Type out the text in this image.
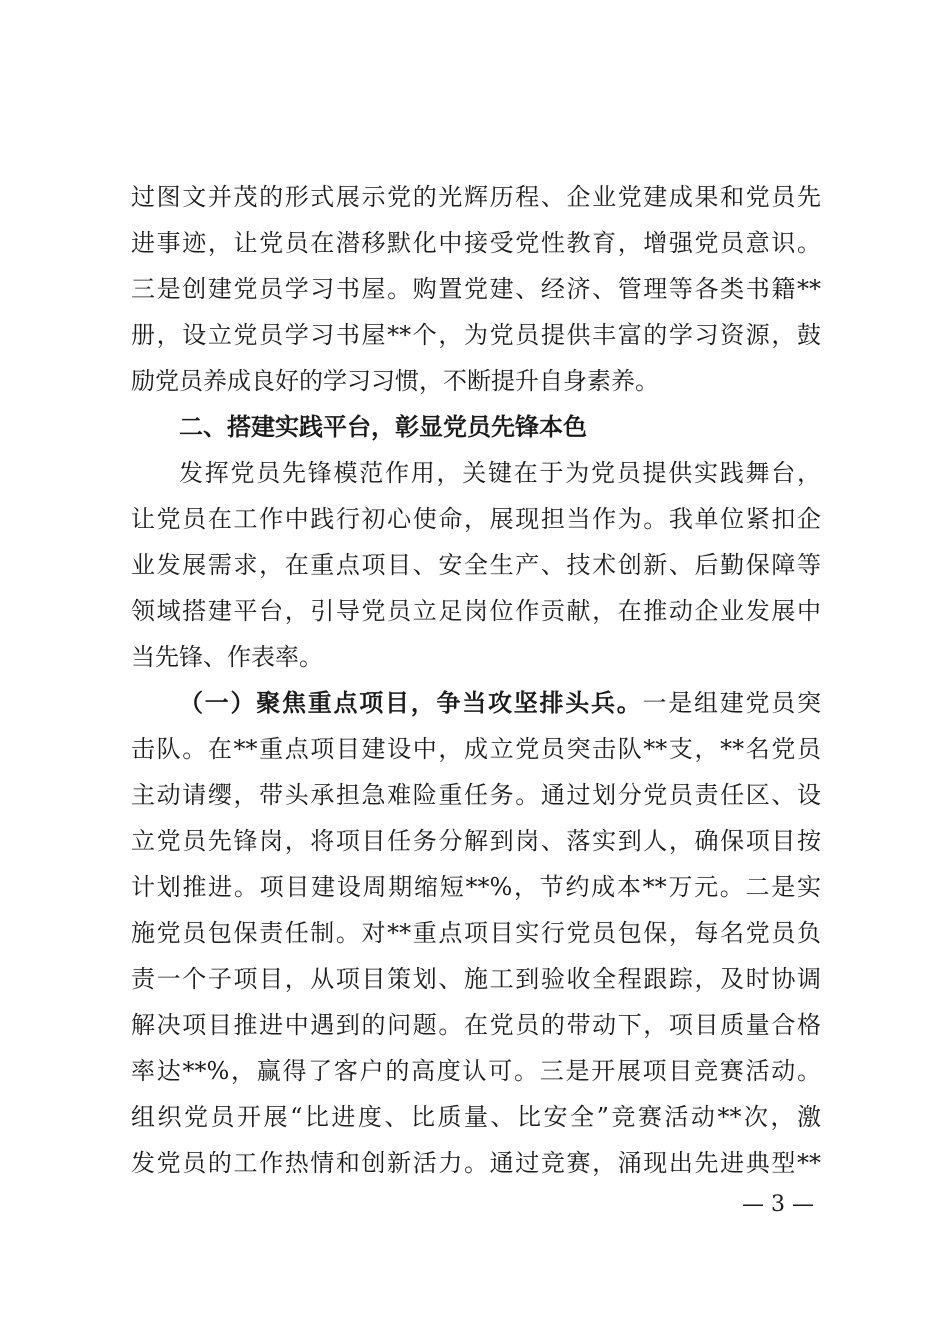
过图文并茂的形式展示党的光辉历程、企业党建成果和党员先
进事迹，让党员在潜移默化中接受党性教育，增强党员意识。
三是创建党员学习书屋。购置党建、经济、管理等各类书籍**
册，设立党员学习书屋**个，为党员提供丰富的学习资源，鼓
励党员养成良好的学习习惯，不断提升自身素养。
二、搭建实践平台，彰显党员先锋本色
发挥党员先锋模范作用，关键在于为党员提供实践舞台，
让党员在工作中践行初心使命，展现担当作为。我单位紧扣企
业发展需求，在重点项目、安全生产、技术创新、后勤保障等
领域搭建平台，引导党员立足岗位作贡献，在推动企业发展中
当先锋、作表率。
（一）聚焦重点项目，争当攻坚排头兵。一是组建党员突
击队。在**重点项目建设中，成立党员突击队**支，**名党员
主动请缨，带头承担急难险重任务。通过划分党员责任区、设
立党员先锋岗，将项目任务分解到岗、落实到人，确保项目按
计划推进。项目建设周期缩短**%，节约成本**万元。二是实
施党员包保责任制。对**重点项目实行党员包保，每名党员负
责一个子项目，从项目策划、施工到验收全程跟踪，及时协调
解决项目推进中遇到的问题。在党员的带动下，项目质量合格
率达**%，赢得了客户的高度认可。三是开展项目竞赛活动。
组织党员开展“比进度、比质量、比安全”竞赛活动**次，激
发党员的工作热情和创新活力。通过竞赛，涌现出先进典型**
— 3 —
